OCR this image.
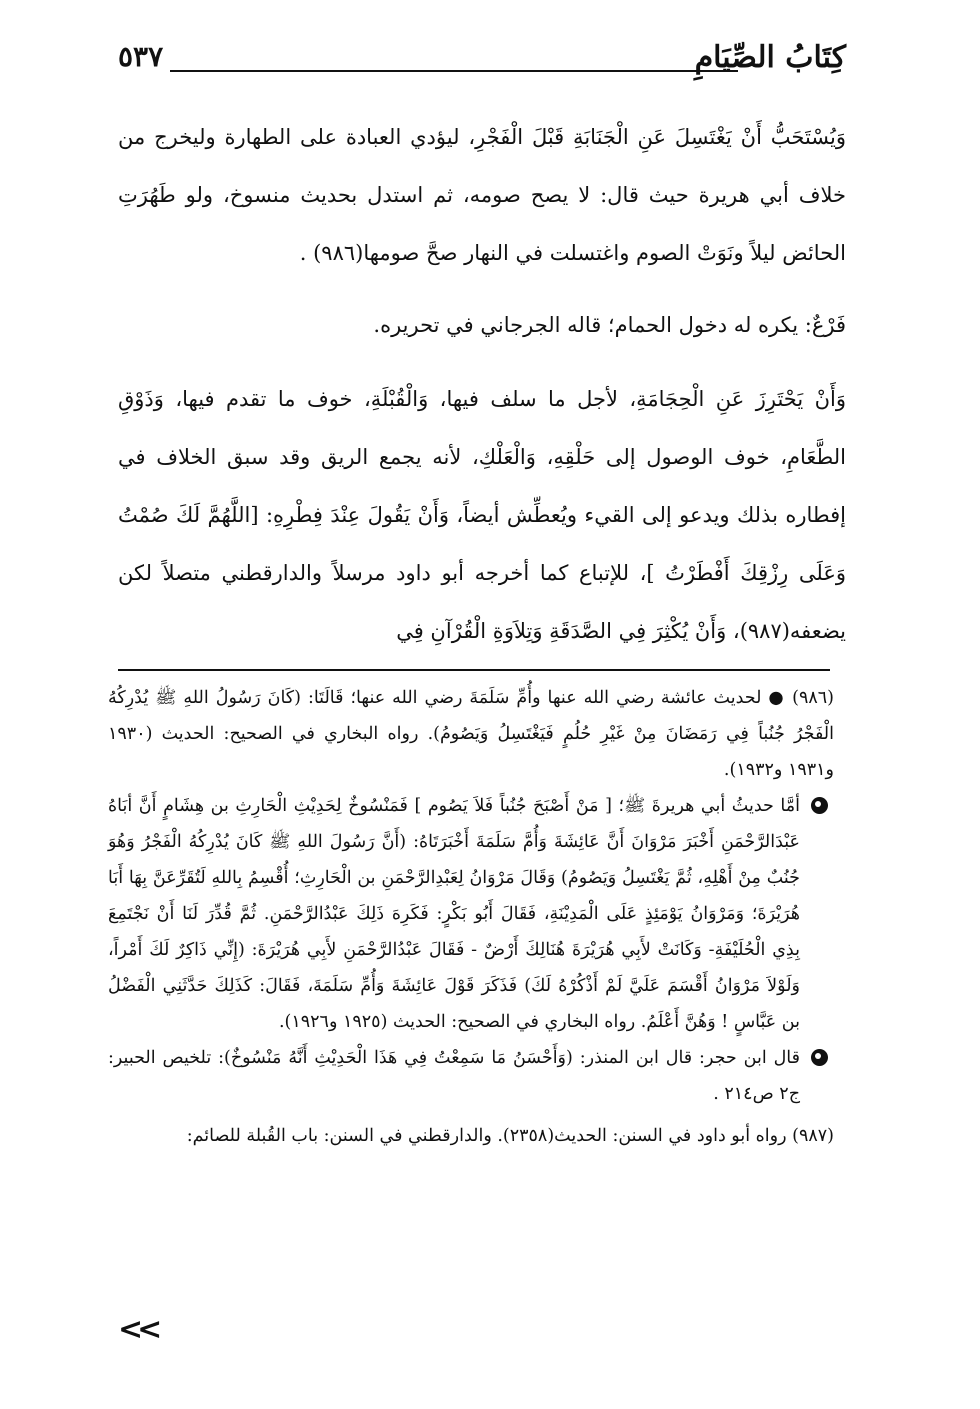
كِتَابُ الصِّيَامِ
٥٣٧

وَيُسْتَحَبُّ أَنْ يَغْتَسِلَ عَنِ الْجَنَابَةِ قَبْلَ الْفَجْرِ، ليؤدي العبادة على الطهارة وليخرج من خلاف أبي هريرة حيث قال: لا يصح صومه، ثم استدل بحديث منسوخ، ولو طَهُرَتِ الحائض ليلاً ونَوَتْ الصوم واغتسلت في النهار صحَّ صومها(٩٨٦) .

فَرْعٌ: يكره له دخول الحمام؛ قاله الجرجاني في تحريره.

وَأَنْ يَحْتَرِزَ عَنِ الْحِجَامَةِ، لأجل ما سلف فيها، وَالْقُبْلَةِ، خوف ما تقدم فيها، وَذَوْقِ الطَّعَامِ، خوف الوصول إلى حَلْقِهِ، وَالْعَلْكِ، لأنه يجمع الريق وقد سبق الخلاف في إفطاره بذلك ويدعو إلى القيء ويُعطِّش أيضاً، وَأَنْ يَقُولَ عِنْدَ فِطْرِهِ: [اللَّهُمَّ لَكَ صُمْتُ وَعَلَى رِزْقِكَ أَفْطَرْتُ ]، للإتباع كما أخرجه أبو داود مرسلاً والدارقطني متصلاً لكن يضعفه(٩٨٧)، وَأَنْ يُكْثِرَ فِي الصَّدَقَةِ وَتِلاَوَةِ الْقُرْآنِ فِي

(٩٨٦) ● لحديث عائشة رضي الله عنها وأُمِّ سَلَمَةَ رضي الله عنها؛ قَالَتَا: (كَانَ رَسُولُ اللهِ ﷺ يُدْرِكُهُ الْفَجْرُ جُنُباً فِي رَمَضَانَ مِنْ غَيْرِ حُلُمٍ فَيَغْتَسِلُ وَيَصُومُ). رواه البخاري في الصحيح: الحديث (١٩٣٠ و١٩٣١ و١٩٣٢).

أمَّا حديثُ أبي هريرةَ ﷺ؛ [ مَنْ أَصْبَحَ جُنُباً فَلاَ يَصُوم ] فَمَنْسُوخٌ لِحَدِيْثِ الْحَارِثِ بن هِشَامٍ أَنَّ أبَاهُ عَبْدَالرَّحْمَنِ أَخْبَرَ مَرْوَانَ أَنَّ عَائِشَةَ وَأُمَّ سَلَمَةَ أَخْبَرَتَاهُ: (أَنَّ رَسُولَ اللهِ ﷺ كَانَ يُدْرِكُهُ الْفَجْرُ وَهُوَ جُنُبٌ مِنْ أَهْلِهِ، ثُمَّ يَغْتَسِلُ وَيَصُومُ) وَقَالَ مَرْوَانُ لِعَبْدِالرَّحْمَنِ بن الْحَارِثِ؛ أُقْسِمُ بِاللهِ لَتُقَرِّعَنَّ بِهَا أَبَا هُرَيْرَةَ؛ وَمَرْوَانُ يَوْمَئِذٍ عَلَى الْمَدِيْنَةِ، فَقَالَ أَبُو بَكْرٍ: فَكَرِهَ ذَلِكَ عَبْدُالرَّحْمَنِ. ثُمَّ قُدِّرَ لَنَا أَنْ نَجْتَمِعَ بِذِي الْحُلَيْفَةِ- وَكَانَتْ لأَبِي هُرَيْرَةَ هُنَالِكَ أَرْضٌ - فَقَالَ عَبْدُالرَّحْمَنِ لأَبِي هُرَيْرَةَ: (إِنِّي ذَاكِرٌ لَكَ أَمْراً، وَلَوْلاَ مَرْوَانُ أَقْسَمَ عَلَيَّ لَمْ أَذْكُرْهُ لَكَ) فَذَكَرَ قَوْلَ عَائِشَةَ وَأُمِّ سَلَمَةَ، فَقَالَ: كَذَلِكَ حَدَّثَنِي الْفَضْلُ بن عَبَّاسٍ ! وَهُنَّ أَعْلَمُ. رواه البخاري في الصحيح: الحديث (١٩٢٥ و١٩٢٦).

قال ابن حجر: قال ابن المنذر: (وَأَحْسَنُ مَا سَمِعْتُ فِي هَذَا الْحَدِيْثِ أَنَّهُ مَنْسُوخٌ): تلخيص الحبير: ج٢ ص٢١٤ .

(٩٨٧) رواه أبو داود في السنن: الحديث(٢٣٥٨). والدارقطني في السنن: باب القُبلة للصائم:

<<
